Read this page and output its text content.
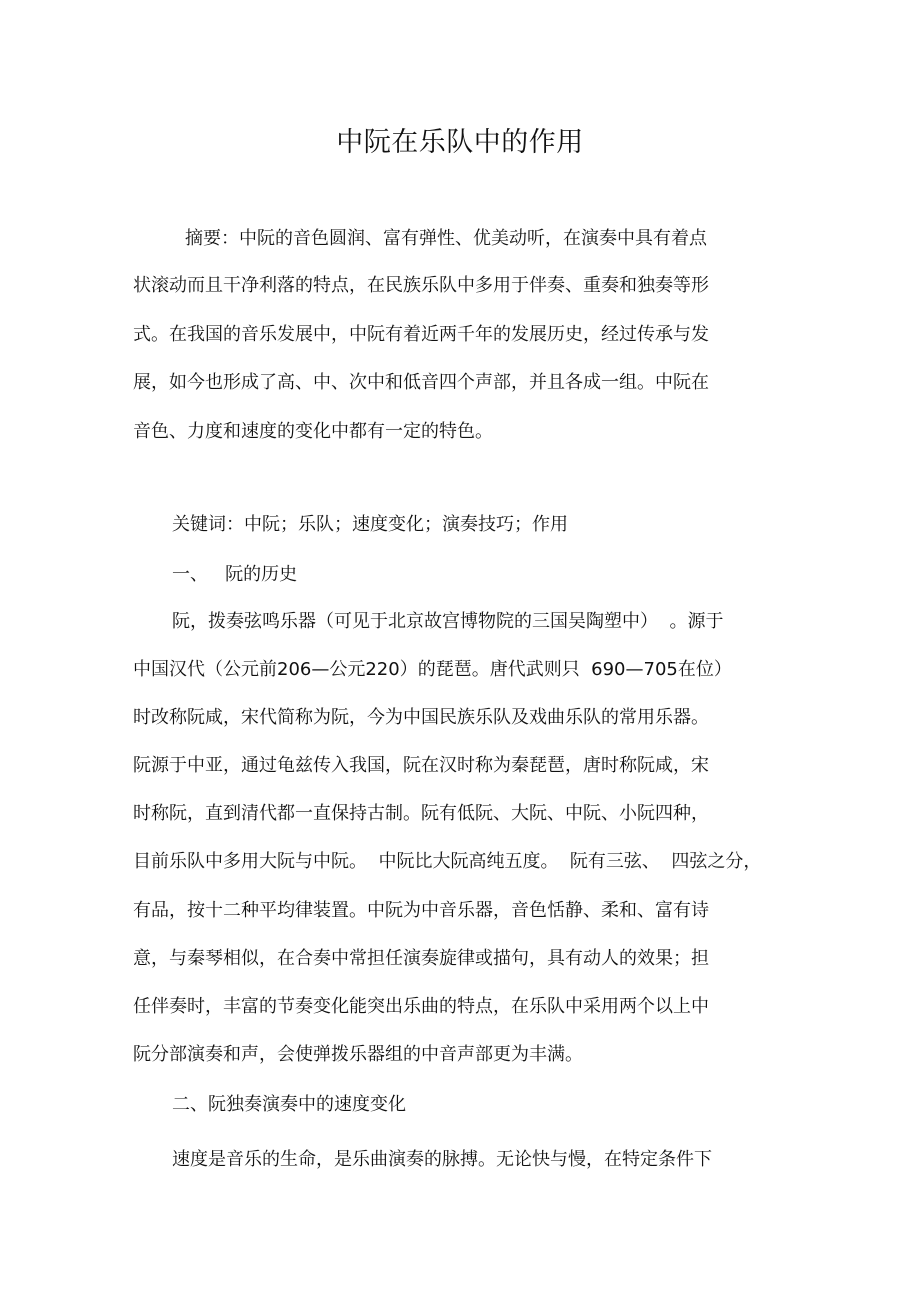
中阮在乐队中的作用
摘要：中阮的音色圆润、富有弹性、优美动听，在演奏中具有着点
状滚动而且干净利落的特点，在民族乐队中多用于伴奏、重奏和独奏等形
式。在我国的音乐发展中，中阮有着近两千年的发展历史，经过传承与发
展，如今也形成了高、中、次中和低音四个声部，并且各成一组。中阮在
音色、力度和速度的变化中都有一定的特色。
关键词：中阮；乐队；速度变化；演奏技巧；作用
一、   阮的历史
阮，拨奏弦鸣乐器（可见于北京故宫博物院的三国吴陶塑中）  。源于
中国汉代（公元前206—公元220）的琵琶。唐代武则只  690—705在位）
时改称阮咸，宋代简称为阮，今为中国民族乐队及戏曲乐队的常用乐器。
阮源于中亚，通过龟兹传入我国，阮在汉时称为秦琵琶，唐时称阮咸，宋
时称阮，直到清代都一直保持古制。阮有低阮、大阮、中阮、小阮四种，
目前乐队中多用大阮与中阮。  中阮比大阮高纯五度。  阮有三弦、  四弦之分，
有品，按十二种平均律装置。中阮为中音乐器，音色恬静、柔和、富有诗
意，与秦琴相似，在合奏中常担任演奏旋律或描句，具有动人的效果；担
任伴奏时，丰富的节奏变化能突出乐曲的特点，在乐队中采用两个以上中
阮分部演奏和声，会使弹拨乐器组的中音声部更为丰满。
二、阮独奏演奏中的速度变化
速度是音乐的生命，是乐曲演奏的脉搏。无论快与慢，在特定条件下
